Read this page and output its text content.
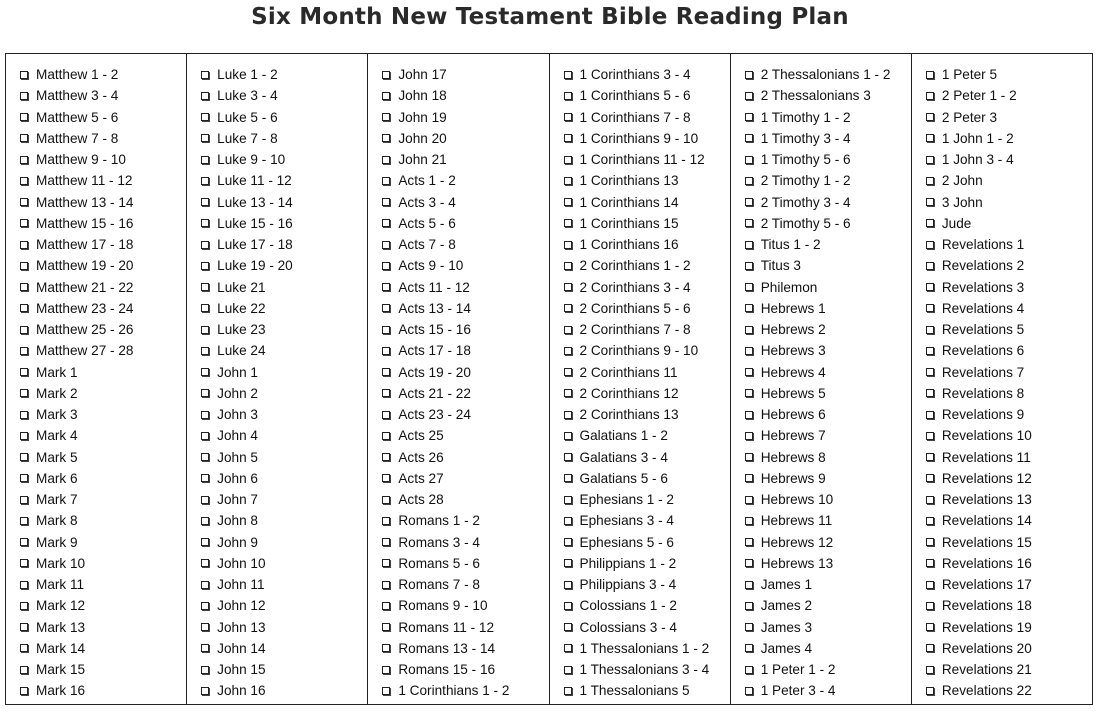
Six Month New Testament Bible Reading Plan
Matthew 1 - 2
Matthew 3 - 4
Matthew 5 - 6
Matthew 7 - 8
Matthew 9 - 10
Matthew 11 - 12
Matthew 13 - 14
Matthew 15 - 16
Matthew 17 - 18
Matthew 19 - 20
Matthew 21 - 22
Matthew 23 - 24
Matthew 25 - 26
Matthew 27 - 28
Mark 1
Mark 2
Mark 3
Mark 4
Mark 5
Mark 6
Mark 7
Mark 8
Mark 9
Mark 10
Mark 11
Mark 12
Mark 13
Mark 14
Mark 15
Mark 16
Luke 1 - 2
Luke 3 - 4
Luke 5 - 6
Luke 7 - 8
Luke 9 - 10
Luke 11 - 12
Luke 13 - 14
Luke 15 - 16
Luke 17 - 18
Luke 19 - 20
Luke 21
Luke 22
Luke 23
Luke 24
John 1
John 2
John 3
John 4
John 5
John 6
John 7
John 8
John 9
John 10
John 11
John 12
John 13
John 14
John 15
John 16
John 17
John 18
John 19
John 20
John 21
Acts 1 - 2
Acts 3 - 4
Acts 5 - 6
Acts 7 - 8
Acts 9 - 10
Acts 11 - 12
Acts 13 - 14
Acts 15 - 16
Acts 17 - 18
Acts 19 - 20
Acts 21 - 22
Acts 23 - 24
Acts 25
Acts 26
Acts 27
Acts 28
Romans 1 - 2
Romans 3 - 4
Romans 5 - 6
Romans 7 - 8
Romans 9 - 10
Romans 11 - 12
Romans 13 - 14
Romans 15 - 16
1 Corinthians 1 - 2
1 Corinthians 3 - 4
1 Corinthians 5 - 6
1 Corinthians 7 - 8
1 Corinthians 9 - 10
1 Corinthians 11 - 12
1 Corinthians 13
1 Corinthians 14
1 Corinthians 15
1 Corinthians 16
2 Corinthians 1 - 2
2 Corinthians 3 - 4
2 Corinthians 5 - 6
2 Corinthians 7 - 8
2 Corinthians 9 - 10
2 Corinthians 11
2 Corinthians 12
2 Corinthians 13
Galatians 1 - 2
Galatians 3 - 4
Galatians 5 - 6
Ephesians 1 - 2
Ephesians 3 - 4
Ephesians 5 - 6
Philippians 1 - 2
Philippians 3 - 4
Colossians 1 - 2
Colossians 3 - 4
1 Thessalonians 1 - 2
1 Thessalonians 3 - 4
1 Thessalonians 5
2 Thessalonians 1 - 2
2 Thessalonians 3
1 Timothy 1 - 2
1 Timothy 3 - 4
1 Timothy 5 - 6
2 Timothy 1 - 2
2 Timothy 3 - 4
2 Timothy 5 - 6
Titus 1 - 2
Titus 3
Philemon
Hebrews 1
Hebrews 2
Hebrews 3
Hebrews 4
Hebrews 5
Hebrews 6
Hebrews 7
Hebrews 8
Hebrews 9
Hebrews 10
Hebrews 11
Hebrews 12
Hebrews 13
James 1
James 2
James 3
James 4
1 Peter 1 - 2
1 Peter 3 - 4
1 Peter 5
2 Peter 1 - 2
2 Peter 3
1 John 1 - 2
1 John 3 - 4
2 John
3 John
Jude
Revelations 1
Revelations 2
Revelations 3
Revelations 4
Revelations 5
Revelations 6
Revelations 7
Revelations 8
Revelations 9
Revelations 10
Revelations 11
Revelations 12
Revelations 13
Revelations 14
Revelations 15
Revelations 16
Revelations 17
Revelations 18
Revelations 19
Revelations 20
Revelations 21
Revelations 22
